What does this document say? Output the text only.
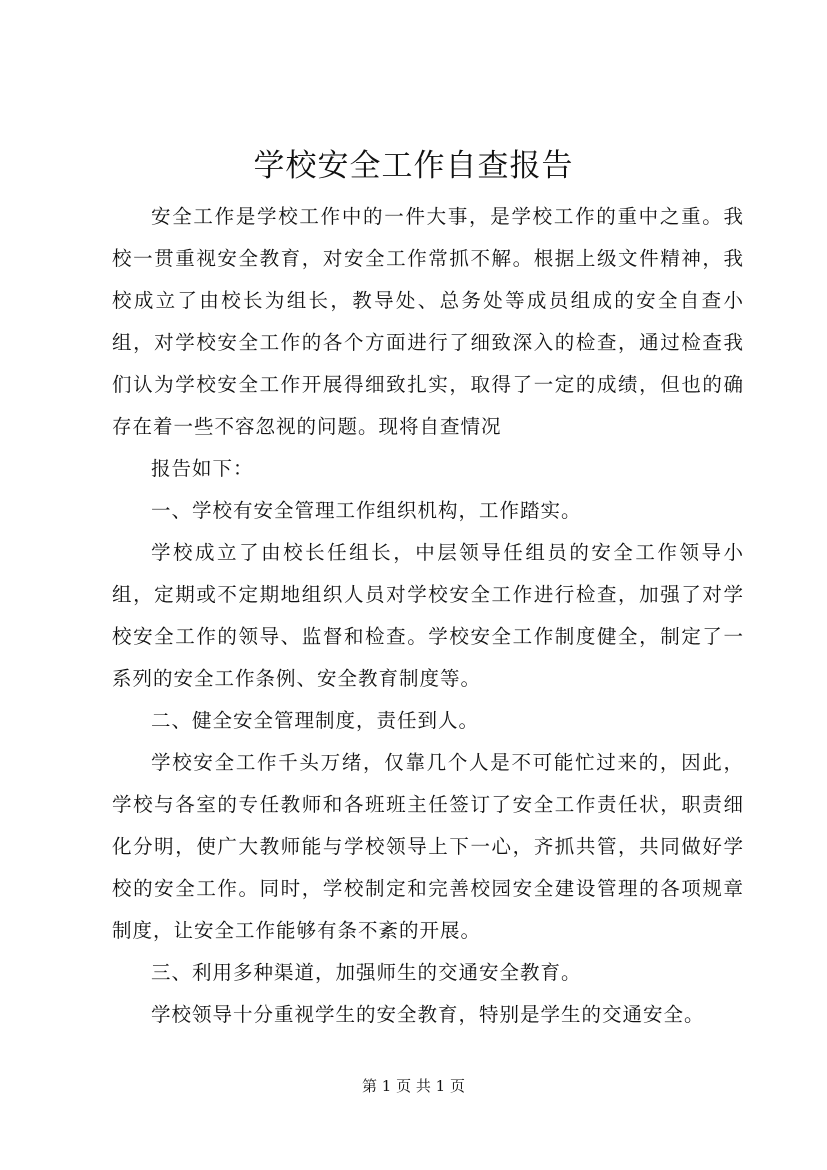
学校安全工作自查报告

安全工作是学校工作中的一件大事，是学校工作的重中之重。我校一贯重视安全教育，对安全工作常抓不解。根据上级文件精神，我校成立了由校长为组长，教导处、总务处等成员组成的安全自查小组，对学校安全工作的各个方面进行了细致深入的检查，通过检查我们认为学校安全工作开展得细致扎实，取得了一定的成绩，但也的确存在着一些不容忽视的问题。现将自查情况

报告如下：

一、学校有安全管理工作组织机构，工作踏实。

学校成立了由校长任组长，中层领导任组员的安全工作领导小组，定期或不定期地组织人员对学校安全工作进行检查，加强了对学校安全工作的领导、监督和检查。学校安全工作制度健全，制定了一系列的安全工作条例、安全教育制度等。

二、健全安全管理制度，责任到人。

学校安全工作千头万绪，仅靠几个人是不可能忙过来的，因此，学校与各室的专任教师和各班班主任签订了安全工作责任状，职责细化分明，使广大教师能与学校领导上下一心，齐抓共管，共同做好学校的安全工作。同时，学校制定和完善校园安全建设管理的各项规章制度，让安全工作能够有条不紊的开展。

三、利用多种渠道，加强师生的交通安全教育。

学校领导十分重视学生的安全教育，特别是学生的交通安全。

第 1 页 共 1 页
